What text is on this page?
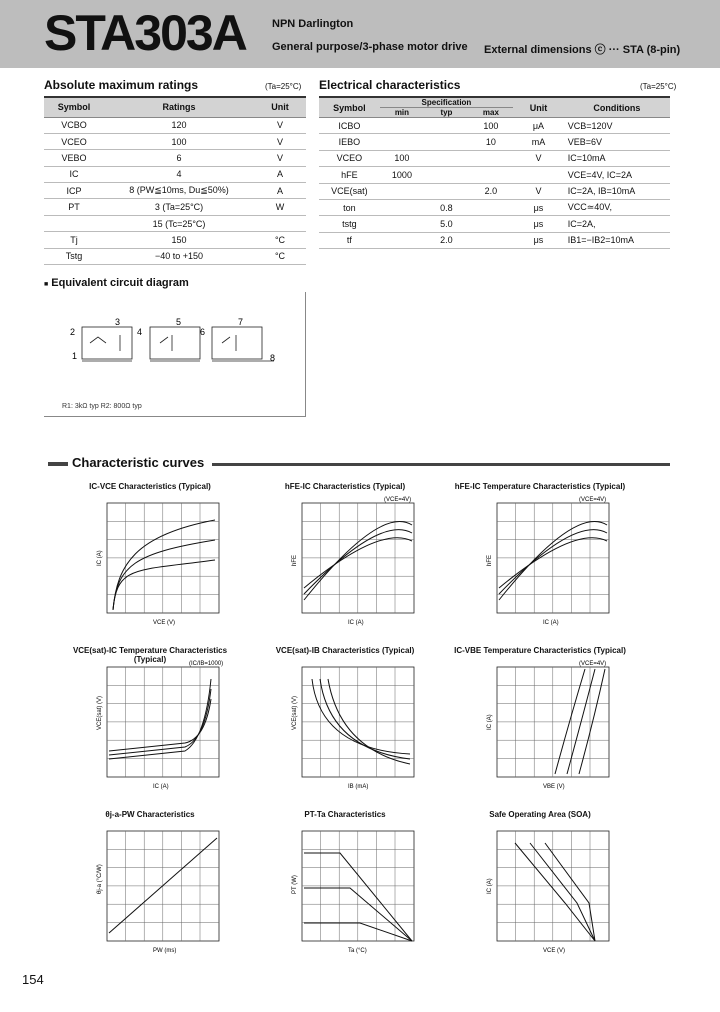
STA303A NPN Darlington
General purpose/3-phase motor drive External dimensions ⓒ ··· STA (8-pin)
Absolute maximum ratings	(Ta=25°C)
Symbol	Ratings	Unit
VCBO	120	V
VCEO	100	V
VEBO	6	V
IC	4	A
ICP	8 (PW≦10ms, Du≦50%)	A
PT	3 (Ta=25°C)	W
	15 (Tc=25°C)	
Tj	150	°C
Tstg	−40 to +150	°C
Electrical characteristics	(Ta=25°C)
Symbol	Specification			Unit	Conditions
	min	typ	max		
ICBO			100	μA	VCB=120V
IEBO			10	mA	VEB=6V
VCEO	100			V	IC=10mA
hFE	1000				VCE=4V, IC=2A
VCE(sat)			2.0	V	IC=2A, IB=10mA
ton		0.8		μs	VCC≃40V,
tstg		5.0		μs	IC=2A,
tf		2.0		μs	IB1=−IB2=10mA
■ Equivalent circuit diagram
2
3
4
5
6
7
1	8
R1: 3kΩ typ R2: 800Ω typ
Characteristic curves
IC-VCE Characteristics (Typical)
VCE (V)
IC (A)
hFE-IC Characteristics (Typical)
IC (A)
hFE
(VCE=4V)
hFE-IC Temperature Characteristics (Typical)
IC (A)
hFE
(VCE=4V)
VCE(sat)-IC Temperature Characteristics (Typical)
IC (A)
VCE(sat) (V)
(IC/IB=1000)
VCE(sat)-IB Characteristics (Typical)
IB (mA)
VCE(sat) (V)
IC-VBE Temperature Characteristics (Typical)
VBE (V)
IC (A)
(VCE=4V)
θj-a-PW Characteristics
PW (ms)
θj-a (°C/W)
PT-Ta Characteristics
Ta (°C)
PT (W)
Safe Operating Area (SOA)
VCE (V)
IC (A)
154
